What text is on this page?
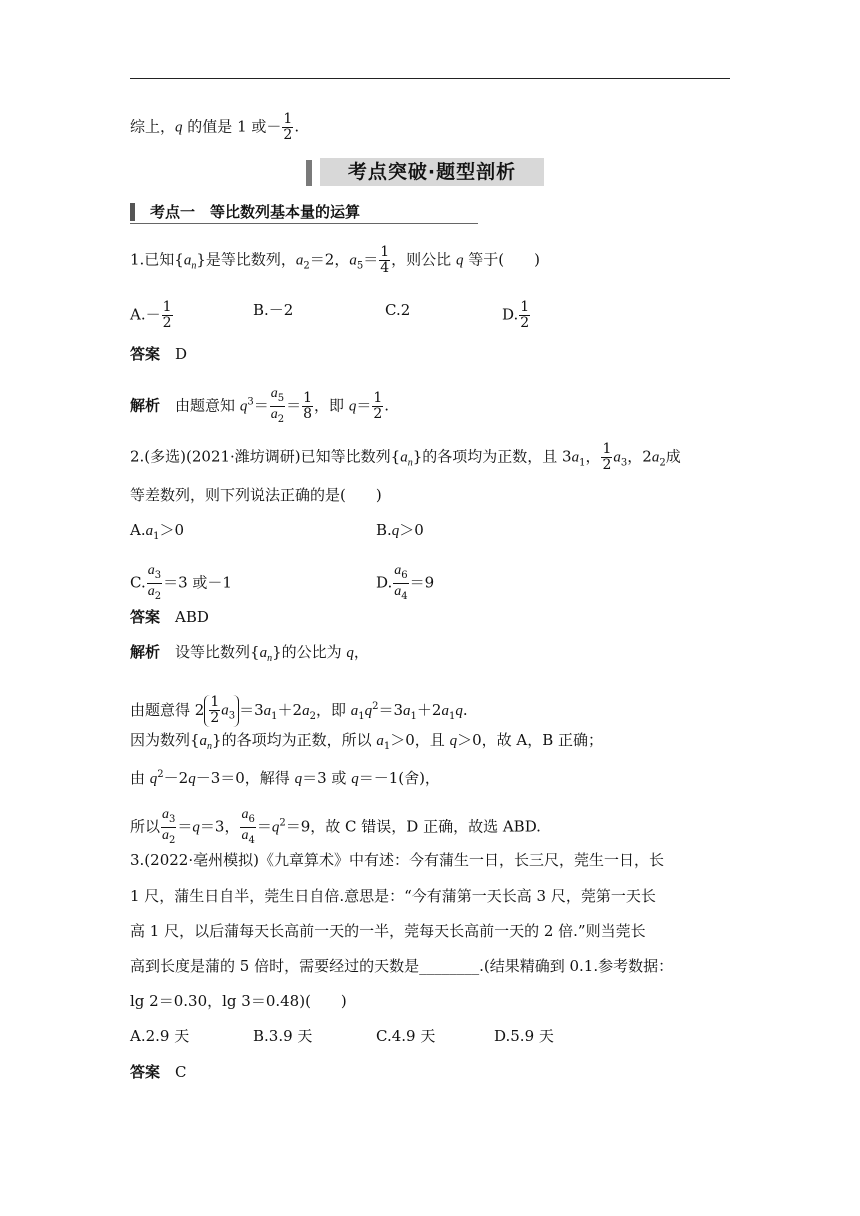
综上，q 的值是 1 或－ $\frac{1}{2}$ .
考点突破·题型剖析
考点一　等比数列基本量的运算
1.已知$\{a_n\}$是等比数列，$a_2=2$，$a_5= \frac{1}{4}$ ，则公比 q 等于(　　)
$A.- \frac{1}{2}$	B.－2	C.2	D. $\frac{1}{2}$
答案　 D
解析　 由题意知 $q^3= \frac{a_5}{a_2} = \frac{1}{8}$ ，即 $q= \frac{1}{2}$ .
2.(多选)(2021·潍坊调研)已知等比数列$\{a_n\}$的各项均为正数，且 $3a_1$， $\frac{1}{2} a_3$，$2a_2$成
等差数列，则下列说法正确的是(　　)
$A.a_1>0$	B.q＞0
C. $\frac{a_3}{a_2} =3$ 或－1	D. $\frac{a_6}{a_4} =9$
答案　 ABD
解析　 设等比数列$\{a_n\}$的公比为 q，
由题意得 $2 \frac{1}{2} a_3 =3a_1+2a_2$，即 $a_1q^2=3a_1+2a_1q$.
因为数列$\{a_n\}$的各项均为正数，所以 $a_1>0$，且 q＞0，故 A，B 正确；
由 $q^2-2q-3=0$，解得 q＝3 或 q＝－1(舍)，
所以 $\frac{a_3}{a_2} =q=3$， $\frac{a_6}{a_4} =q^2=9$，故 C 错误，D 正确，故选 ABD.
3.(2022·亳州模拟)《九章算术》中有述：今有蒲生一日，长三尺，莞生一日，长
1 尺，蒲生日自半，莞生日自倍.意思是：“今有蒲第一天长高 3 尺，莞第一天长
高 1 尺，以后蒲每天长高前一天的一半，莞每天长高前一天的 2 倍.”则当莞长
高到长度是蒲的 5 倍时，需要经过的天数是________.(结果精确到 0.1.参考数据：
lg 2＝0.30，lg 3＝0.48)(　　)
A.2.9 天	B.3.9 天	C.4.9 天	D.5.9 天
答案　 C
